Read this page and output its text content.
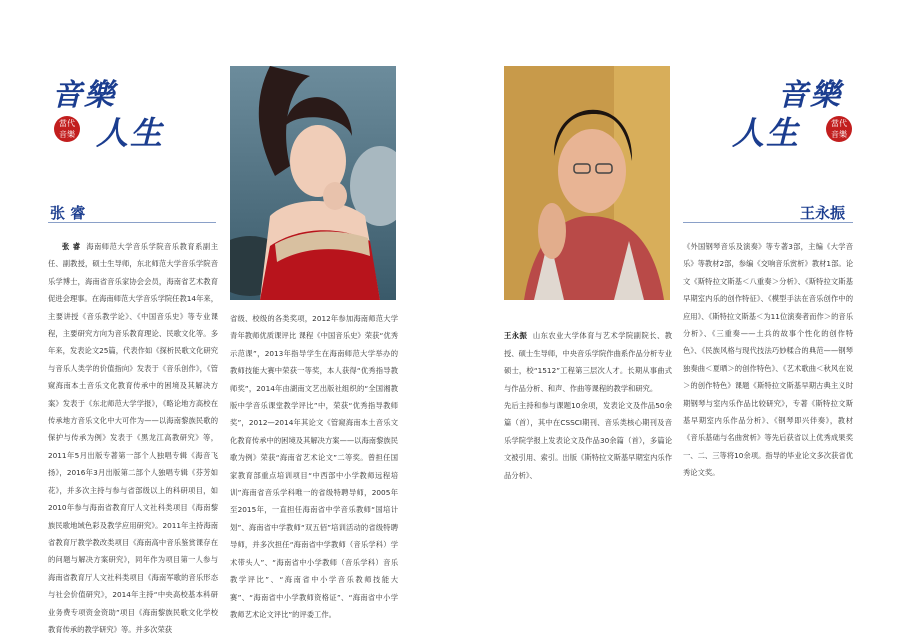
音樂
人生
當代
音樂
张 睿
张 睿 海南师范大学音乐学院音乐教育系副主任、副教授，硕士生导师，东北师范大学音乐学院音乐学博士，海南省音乐家协会会员，海南省艺术教育促进会理事。在海南师范大学音乐学院任教14年来，主要讲授《音乐教学论》、《中国音乐史》等专业课程，主要研究方向为音乐教育理论、民歌文化等。多年来，发表论文25篇，代表作如《探析民歌文化研究与音乐人类学的价值指向》发表于《音乐创作》，《管窥海南本土音乐文化教育传承中的困境及其解决方案》发表于《东北师范大学学报》，《略论地方高校在传承地方音乐文化中大可作为——以海南黎族民歌的保护与传承为例》发表于《黑龙江高教研究》等，2011年5月出版专著第一部个人独唱专辑《海音飞扬》，2016年3月出版第二部个人独唱专辑《芬芳如花》，并多次主持与参与省部级以上的科研项目，如2010年参与海南省教育厅人文社科类项目《海南黎族民歌地域色彩及教学应用研究》。2011年主持海南省教育厅教学教改类项目《海南高中音乐鉴赏课存在的问题与解决方案研究》，同年作为项目第一人参与海南省教育厅人文社科类项目《海南军歌的音乐形态与社会价值研究》，2014年主持“中央高校基本科研业务费专项资金资助”项目《海南黎族民歌文化学校教育传承的教学研究》等。并多次荣获
省级、校级的各类奖项，2012年参加海南师范大学青年教师优质课评比 课程《中国音乐史》荣获“优秀示范课”，2013年指导学生在海南师范大学举办的教师技能大赛中荣获一等奖，本人获得“优秀指导教师奖”，2014年由湖南文艺出版社组织的“全国湘教版中学音乐课堂教学评比”中，荣获“优秀指导教师奖”，2012—2014年其论文《管窥海南本土音乐文化教育传承中的困境及其解决方案——以海南黎族民歌为例》荣获“海南省艺术论文”二等奖。曾担任国家教育部重点培训项目“中西部中小学教师远程培训”海南省音乐学科唯一的省级特聘导师，2005年至2015年，一直担任海南省中学音乐教师“国培计划”、海南省中学教师“双五佰”培训活动的省级特聘导师，并多次担任“海南省中学教师（音乐学科）学术带头人”、“海南省中小学教师（音乐学科）音乐教学评比”、“海南省中小学音乐教师技能大赛”、“海南省中小学教师资格证”、“海南省中小学教师艺术论文评比”的评委工作。
音樂
人生	當代
音樂
王永振

王永振 山东农业大学体育与艺术学院副院长、教授、硕士生导师，中央音乐学院作曲系作品分析专业硕士，校“1512”工程第三层次人才。长期从事曲式与作品分析、和声、作曲等课程的教学和研究。
先后主持和参与课题10余项，发表论文及作品50余篇（首），其中在CSSCI期刊、音乐类核心期刊及音乐学院学报上发表论文及作品30余篇（首），多篇论文被引用、索引。出版《斯特拉文斯基早期室内乐作品分析》、

《外国钢琴音乐及演奏》等专著3部，主编《大学音乐》等教材2部，参编《交响音乐赏析》教材1部。论文《斯特拉文斯基＜八重奏＞分析》、《斯特拉文斯基早期室内乐的创作特征》、《模型手法在音乐创作中的应用》、《斯特拉文斯基＜为11位演奏者而作＞的音乐分析》、《三重奏——土兵的故事个性化的创作特色》、《民族风格与现代技法巧妙糅合的典范——钢琴独奏曲＜夏晒＞的创作特色》、《艺术歌曲＜秋风在说＞的创作特色》课题《斯特拉文斯基早期古典主义时期钢琴与室内乐作品比较研究》，专著《斯特拉文斯基早期室内乐作品分析》、《钢琴即兴伴奏》，教材《音乐基础与名曲赏析》等先后获省以上优秀成果奖一、二、三等将10余项。指导的毕业论文多次获省优秀论文奖。
